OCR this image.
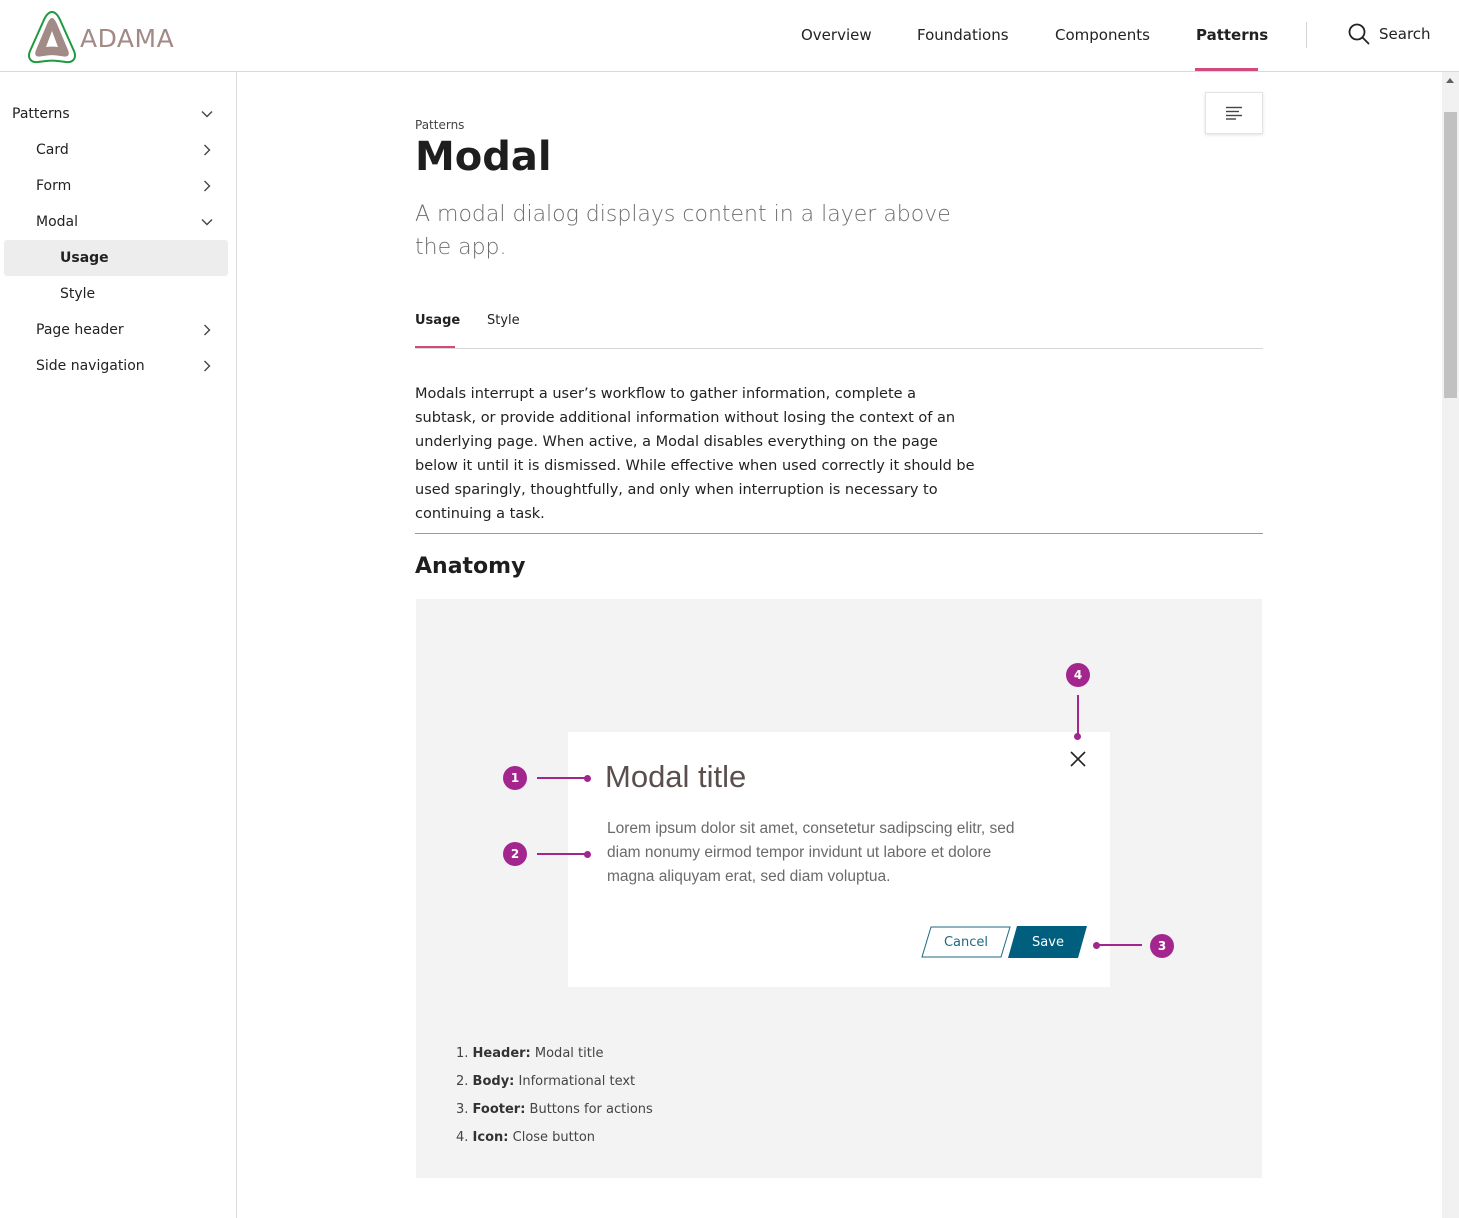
ADAMA	Overview	Foundations	Components	Patterns	Search
Patterns
Card
Form
Modal
Usage
Style
Page header
Side navigation
Patterns
Modal

A modal dialog displays content in a layer above the app.

Usage Style

Modals interrupt a user’s workflow to gather information, complete a subtask, or provide additional information without losing the context of an underlying page. When active, a Modal disables everything on the page below it until it is dismissed. While effective when used correctly it should be used sparingly, thoughtfully, and only when interruption is necessary to continuing a task.

Anatomy
Modal title
Lorem ipsum dolor sit amet, consetetur sadipscing elitr, sed diam nonumy eirmod tempor invidunt ut labore et dolore magna aliquyam erat, sed diam voluptua.
Cancel	Save
1
2
3
4
1. Header: Modal title
2. Body: Informational text
3. Footer: Buttons for actions
4. Icon: Close button
